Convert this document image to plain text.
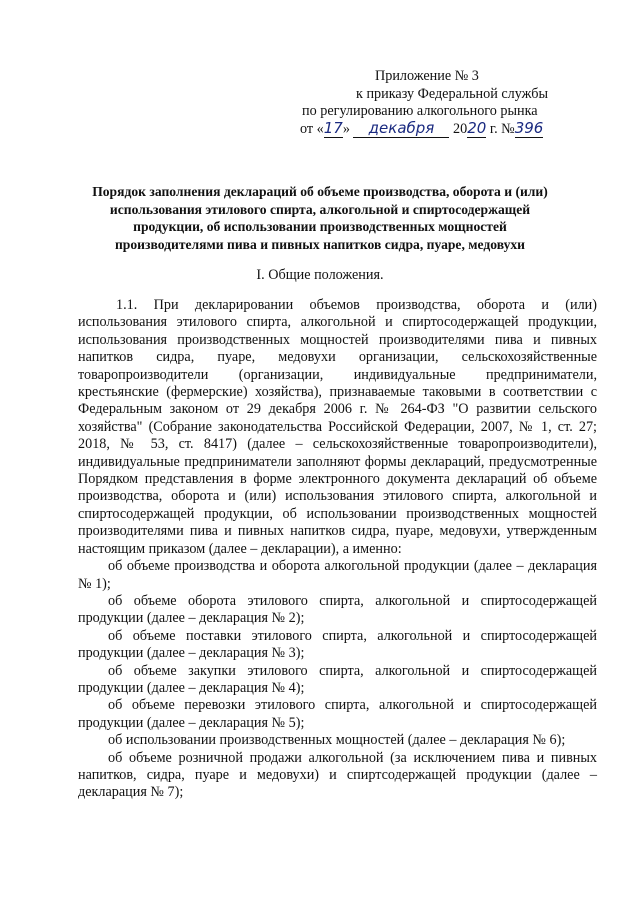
Приложение № 3
к приказу Федеральной службы
по регулированию алкогольного рынка
от «17» декабря 2020 г. №396
Порядок заполнения деклараций об объеме производства, оборота и (или) использования этилового спирта, алкогольной и спиртосодержащей продукции, об использовании производственных мощностей производителями пива и пивных напитков сидра, пуаре, медовухи
I. Общие положения.

1.1. При декларировании объемов производства, оборота и (или) использования этилового спирта, алкогольной и спиртосодержащей продукции, использования производственных мощностей производителями пива и пивных напитков сидра, пуаре, медовухи организации, сельскохозяйственные товаропроизводители (организации, индивидуальные предприниматели, крестьянские (фермерские) хозяйства), признаваемые таковыми в соответствии с Федеральным законом от 29 декабря 2006 г. № 264-ФЗ "О развитии сельского хозяйства" (Собрание законодательства Российской Федерации, 2007, № 1, ст. 27; 2018, № 53, ст. 8417) (далее – сельскохозяйственные товаропроизводители), индивидуальные предприниматели заполняют формы деклараций, предусмотренные Порядком представления в форме электронного документа деклараций об объеме производства, оборота и (или) использования этилового спирта, алкогольной и спиртосодержащей продукции, об использовании производственных мощностей производителями пива и пивных напитков сидра, пуаре, медовухи, утвержденным настоящим приказом (далее – декларации), а именно:

об объеме производства и оборота алкогольной продукции (далее – декларация № 1);

об объеме оборота этилового спирта, алкогольной и спиртосодержащей продукции (далее – декларация № 2);

об объеме поставки этилового спирта, алкогольной и спиртосодержащей продукции (далее – декларация № 3);

об объеме закупки этилового спирта, алкогольной и спиртосодержащей продукции (далее – декларация № 4);

об объеме перевозки этилового спирта, алкогольной и спиртосодержащей продукции (далее – декларация № 5);

об использовании производственных мощностей (далее – декларация № 6);

об объеме розничной продажи алкогольной (за исключением пива и пивных напитков, сидра, пуаре и медовухи) и спиртсодержащей продукции (далее –декларация № 7);
